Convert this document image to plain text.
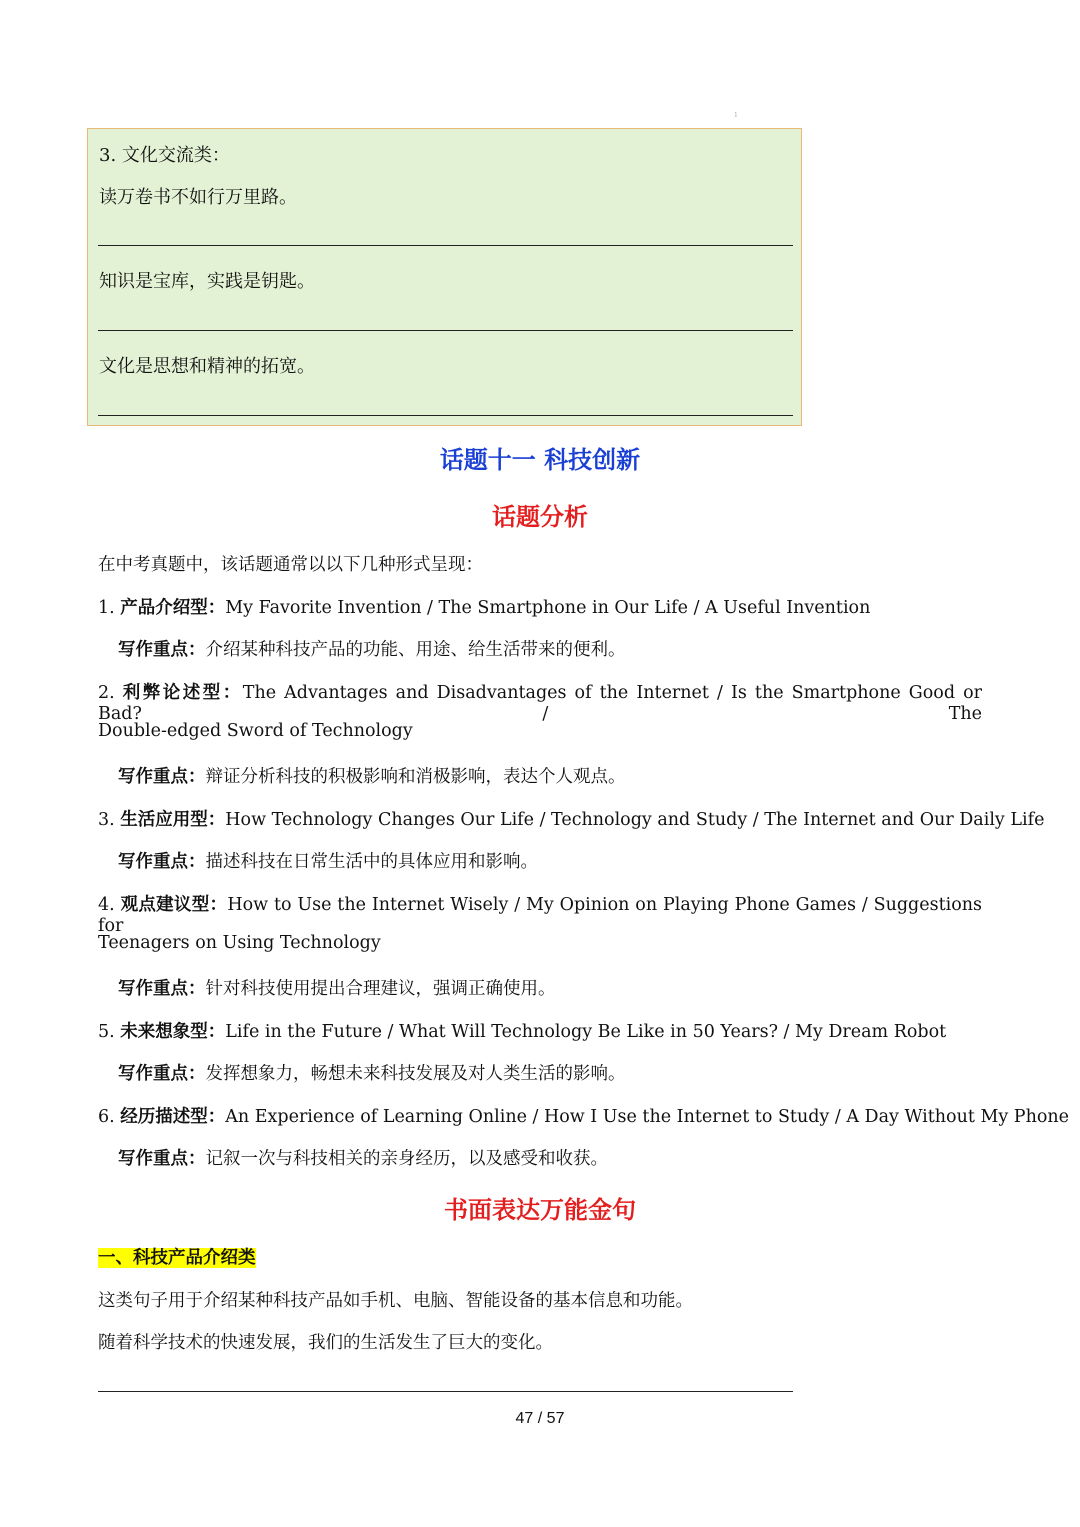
1
3. 文化交流类：
读万卷书不如行万里路。
知识是宝库，实践是钥匙。
文化是思想和精神的拓宽。
话题十一 科技创新
话题分析
在中考真题中，该话题通常以以下几种形式呈现：
1. 产品介绍型：My Favorite Invention / The Smartphone in Our Life / A Useful Invention
写作重点：介绍某种科技产品的功能、用途、给生活带来的便利。
2. 利弊论述型：The Advantages and Disadvantages of the Internet / Is the Smartphone Good or Bad? / The
Double-edged Sword of Technology
写作重点：辩证分析科技的积极影响和消极影响，表达个人观点。
3. 生活应用型：How Technology Changes Our Life / Technology and Study / The Internet and Our Daily Life
写作重点：描述科技在日常生活中的具体应用和影响。
4. 观点建议型：How to Use the Internet Wisely / My Opinion on Playing Phone Games / Suggestions for
Teenagers on Using Technology
写作重点：针对科技使用提出合理建议，强调正确使用。
5. 未来想象型：Life in the Future / What Will Technology Be Like in 50 Years? / My Dream Robot
写作重点：发挥想象力，畅想未来科技发展及对人类生活的影响。
6. 经历描述型：An Experience of Learning Online / How I Use the Internet to Study / A Day Without My Phone
写作重点：记叙一次与科技相关的亲身经历，以及感受和收获。
书面表达万能金句
一、科技产品介绍类
这类句子用于介绍某种科技产品如手机、电脑、智能设备的基本信息和功能。
随着科学技术的快速发展，我们的生活发生了巨大的变化。
47 / 57
